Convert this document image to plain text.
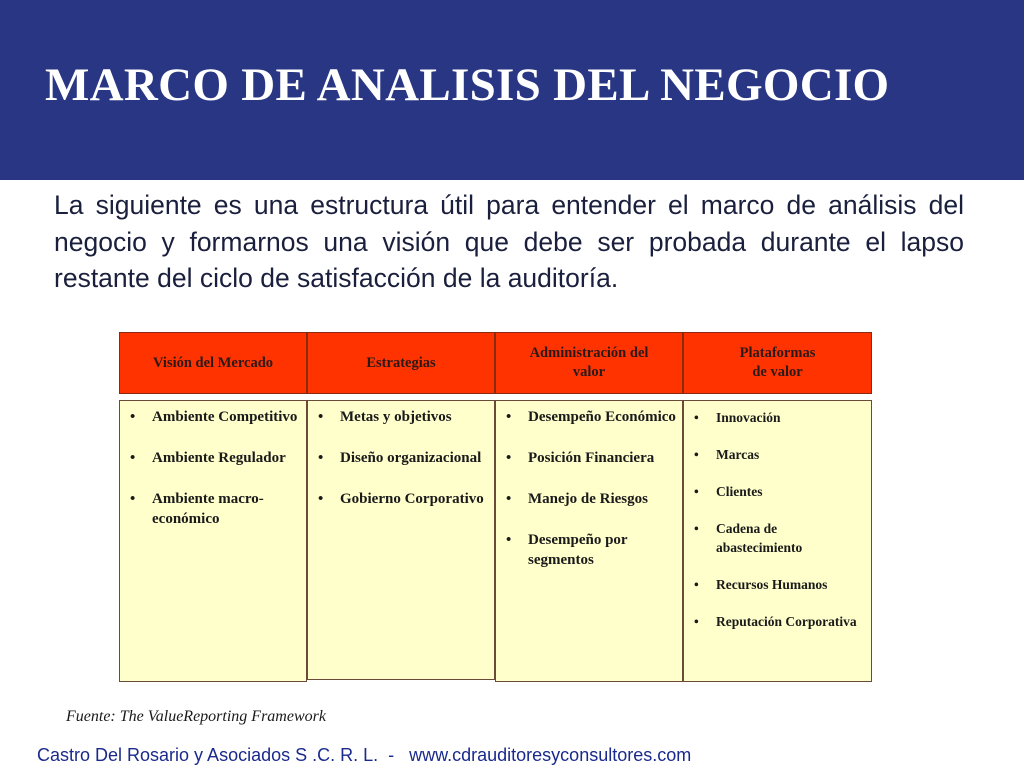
MARCO DE ANALISIS DEL NEGOCIO
La siguiente es una estructura útil para entender el marco de análisis del negocio y formarnos una visión que debe ser probada durante el lapso restante del ciclo de satisfacción de la auditoría.
Visión del Mercado	Estrategias
Administración del
valor
Plataformas
de valor
• Ambiente Competitivo
• Ambiente Regulador
• Ambiente macro-económico
• Metas y objetivos
• Diseño organizacional
• Gobierno Corporativo
• Desempeño Económico
• Posición Financiera
• Manejo de Riesgos
• Desempeño por segmentos
• Innovación
• Marcas
• Clientes
• Cadena de abastecimiento
• Recursos Humanos
• Reputación Corporativa
Fuente: The ValueReporting Framework
Castro Del Rosario y Asociados S .C. R. L.  -   www.cdrauditoresyconsultores.com
